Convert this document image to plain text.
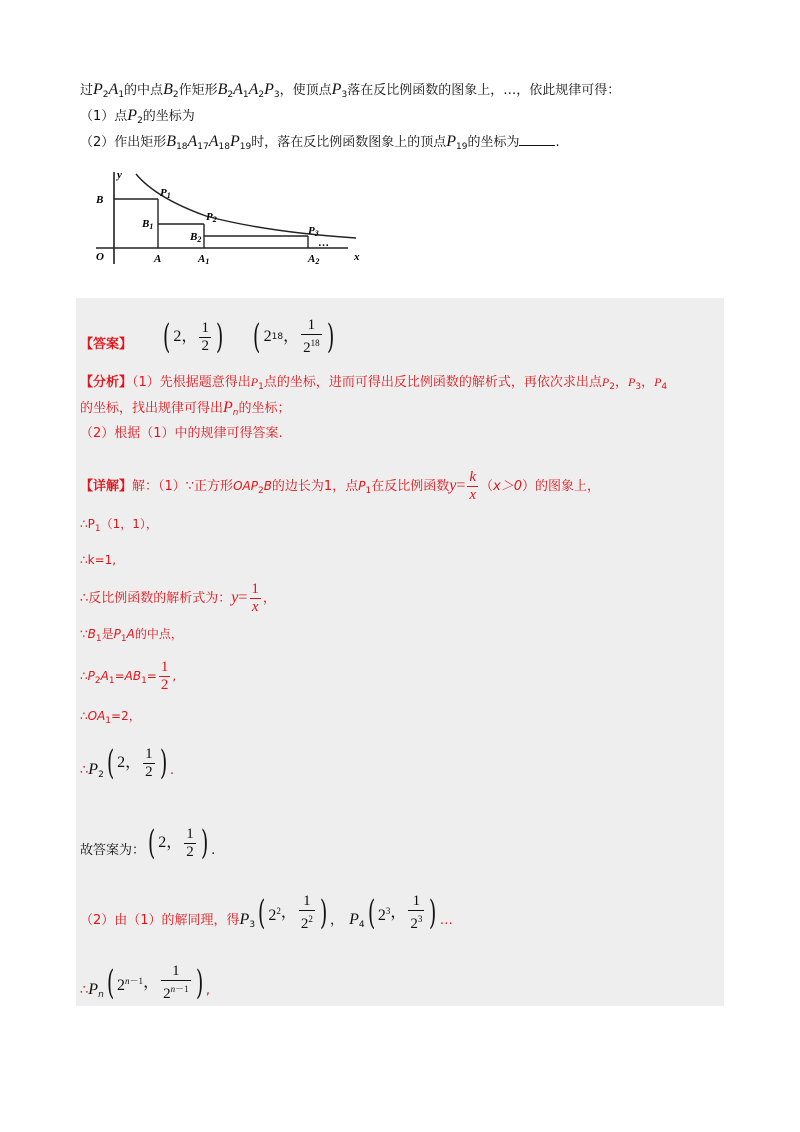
过$P_2A_1$的中点$B_2$作矩形$B_2A_1A_2P_3$，使顶点$P_3$落在反比例函数的图象上，…，依此规律可得：
（1）点$P_2$的坐标为
（2）作出矩形$B_{18}A_{17}A_{18}P_{19}$时，落在反比例函数图象上的顶点$P_{19}$的坐标为	.
y
x
O
B
B1
B2
A	A1	A2
P1
P2
P3
…
【答案】 ( 2 ， $\frac{1}{2}$ )
( 2 18 ， $\frac{1}{2^{18}}$ )
【分析】（1）先根据题意得出$P_1$点的坐标，进而可得出反比例函数的解析式，再依次求出点$P_2$，$P_3$，$P_4$
的坐标，找出规律可得出$P_n$的坐标；
（2）根据（1）中的规律可得答案.
【详解】解：（1）∵正方形$OAP_2B$的边长为1，点$P_1$在反比例函数$y= \frac{k}{x} (x>0)$的图象上，
$\therefore P_1(1$，1），
∴k=1,
∴反比例函数的解析式为：$y= \frac{1}{x}$ ，
$\because B_1$是$P_1A$的中点，
$\therefore P_2A_1=AB_1= \frac{1}{2}$ ,
$\therefore OA_1=2$，
$\therefore P_2$ ( 2 ， $\frac{1}{2}$ ) .
故答案为： ( 2 ， $\frac{1}{2}$ ) .
（2）由（1）的解同理，得$P_3$ ( $2^2$ ， $\frac{1}{2^2}$ ) ， $P_4$ ( $2^3$ ， $\frac{1}{2^3}$ ) …
$\therefore P_n$ ( $2^{n-1}$ ， $\frac{1}{2^{n-1}}$ ) ,
